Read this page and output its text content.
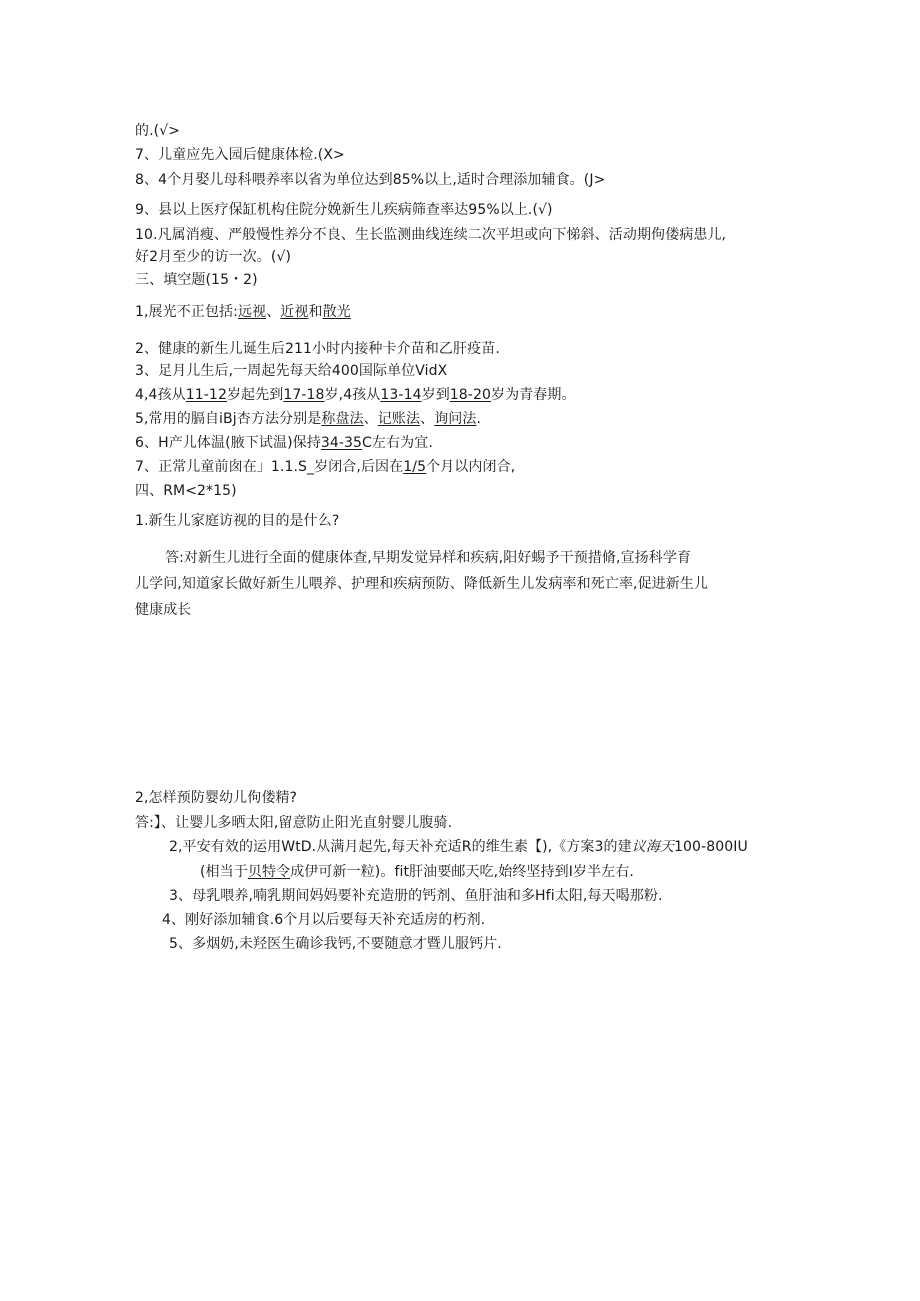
的.(√>
7、儿童应先入园后健康体检.(X>
8、4个月娶儿母科喂养率以省为单位达到85%以上,适时合理添加辅食。(J>
9、县以上医疗保缸机构住院分娩新生儿疾病筛查率达95%以上.(√)
10.凡属消瘦、严般慢性养分不良、生长监测曲线连续二次平坦或向下悌斜、活动期佝偻病患儿,
好2月至少的访一次。(√)
三、填空题(15・2)
1,展光不正包括:远视、近视和散光
2、健康的新生儿诞生后211小时内接种卡介苗和乙肝疫苗.
3、足月儿生后,一周起先每天给400国际单位VidX
4,4孩从11-12岁起先到17-18岁,4孩从13-14岁到18-20岁为青春期。
5,常用的膈自iBj杏方法分别是称盘法、记账法、询问法.
6、H产儿体温(腋下试温)保持34-35C左右为宜.
7、正常儿童前囱在」1.1.S_岁闭合,后因在1/5个月以内闭合,
四、RM<2*15)
1.新生儿家庭访视的目的是什么?
答:对新生儿进行全面的健康体查,早期发觉异样和疾病,阳好蜴予干预措脩,宣扬科学育
儿学问,知道家长做好新生儿喂养、护理和疾病预防、降低新生儿发病率和死亡率,促进新生儿
健康成长
2,怎样预防婴幼儿佝偻精?
答:】、让婴儿多晒太阳,留意防止阳光直射婴儿腹骑.
2,平安有效的运用WtD.从满月起先,每天补充适R的维生素【),《方案3的建议海天100-800IU
(相当于贝特令成伊可新一粒)。fit肝油要邮天吃,始终坚持到I岁半左右.
3、母乳喂养,喃乳期间妈妈要补充造册的钙剂、鱼肝油和多Hfi太阳,每天喝那粉.
4、刚好添加辅食.6个月以后要每天补充适房的朽剂.
5、多烟奶,未羟医生确诊我钙,不要随意才暨儿服钙片.
